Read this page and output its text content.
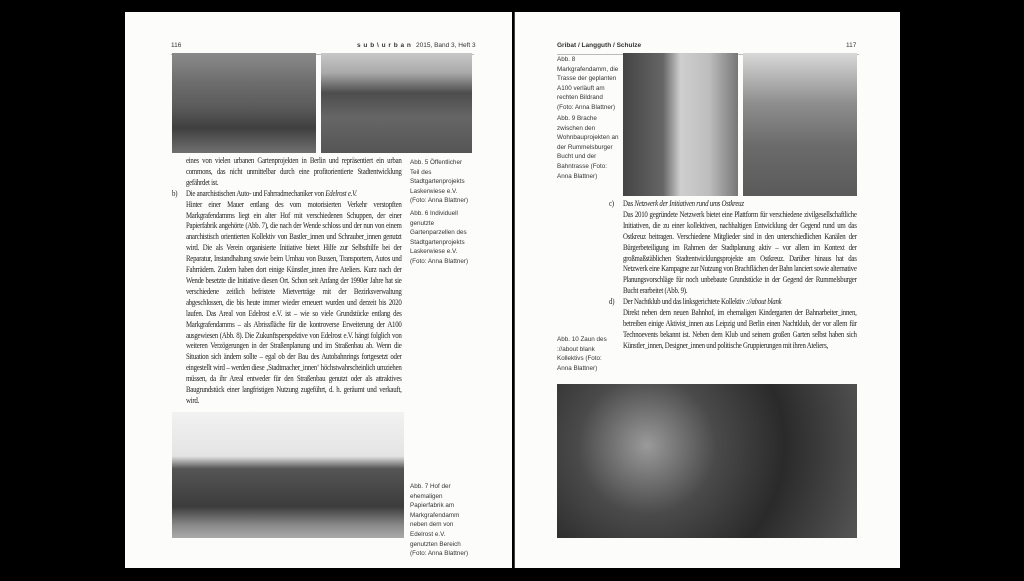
116	s u b \ u r b a n 2015, Band 3, Heft 3

eines von vielen urbanen Gartenprojekten in Berlin und repräsentiert ein urban commons, das nicht unmittelbar durch eine profitorientierte Stadtentwicklung gefährdet ist.

b) Die anarchistischen Auto- und Fahrradmechaniker von Edelrost e.V.

Hinter einer Mauer entlang des vom motorisierten Verkehr verstopften Markgrafendamms liegt ein alter Hof mit verschiedenen Schuppen, der einer Papierfabrik angehörte (Abb. 7), die nach der Wende schloss und der nun von einem anarchistisch orientierten Kollektiv von Bastler_innen und Schrauber_innen genutzt wird. Die als Verein organisierte Initiative bietet Hilfe zur Selbsthilfe bei der Reparatur, Instandhaltung sowie beim Umbau von Bussen, Transportern, Autos und Fahrrädern. Zudem haben dort einige Künstler_innen ihre Ateliers. Kurz nach der Wende besetzte die Initiative diesen Ort. Schon seit Anfang der 1990er Jahre hat sie verschiedene zeitlich befristete Mietverträge mit der Bezirksverwaltung abgeschlossen, die bis heute immer wieder erneuert wurden und derzeit bis 2020 laufen. Das Areal von Edelrost e.V. ist – wie so viele Grundstücke entlang des Markgrafendamms – als Abrissfläche für die kontroverse Erweiterung der A100 ausgewiesen (Abb. 8). Die Zukunftsperspektive von Edelrost e.V. hängt folglich von weiteren Verzögerungen in der Straßenplanung und im Straßenbau ab. Wenn die Situation sich ändern sollte – egal ob der Bau des Autobahnrings fortgesetzt oder eingestellt wird – werden diese ‚Stadtmacher_innen‘ höchstwahrscheinlich umziehen müssen, da ihr Areal entweder für den Straßenbau genutzt oder als attraktives Baugrundstück einer langfristigen Nutzung zugeführt, d. h. geräumt und verkauft, wird.

Abb. 5 Öffentlicher Teil des Stadtgartenprojekts Laskerwiese e.V. (Foto: Anna Blattner)
Abb. 6 Individuell genutzte Gartenparzellen des Stadtgartenprojekts Laskerwiese e.V. (Foto: Anna Blattner)
Abb. 7 Hof der ehemaligen Papierfabrik am Markgrafendamm neben dem von Edelrost e.V. genutzten Bereich (Foto: Anna Blattner)
Gribat / Langguth / Schulze	117
Abb. 8 Markgrafendamm, die Trasse der geplanten A100 verläuft am rechten Bildrand (Foto: Anna Blattner)
Abb. 9 Brache zwischen den Wohnbauprojekten an der Rummelsburger Bucht und der Bahntrasse (Foto: Anna Blattner)
c) Das Netzwerk der Initiativen rund ums Ostkreuz

Das 2010 gegründete Netzwerk bietet eine Plattform für verschiedene zivilgesellschaftliche Initiativen, die zu einer kollektiven, nachhaltigen Entwicklung der Gegend rund um das Ostkreuz beitragen. Verschiedene Mitglieder sind in den unterschiedlichen Kanälen der Bürgerbeteiligung im Rahmen der Stadtplanung aktiv – vor allem im Kontext der großmaßstäblichen Stadtentwicklungsprojekte am Ostkreuz. Darüber hinaus hat das Netzwerk eine Kampagne zur Nutzung von Brachflächen der Bahn lanciert sowie alternative Planungsvorschläge für noch unbebaute Grundstücke in der Gegend der Rummelsburger Bucht erarbeitet (Abb. 9).

d) Der Nachtklub und das linksgerichtete Kollektiv ://about blank

Direkt neben dem neuen Bahnhof, im ehemaligen Kindergarten der Bahnarbeiter_innen, betreiben einige Aktivist_innen aus Leipzig und Berlin einen Nachtklub, der vor allem für Technoevents bekannt ist. Neben dem Klub und seinem großen Garten selbst haben sich Künstler_innen, Designer_innen und politische Gruppierungen mit ihren Ateliers,

Abb. 10 Zaun des ://about blank Kollektivs (Foto: Anna Blattner)
